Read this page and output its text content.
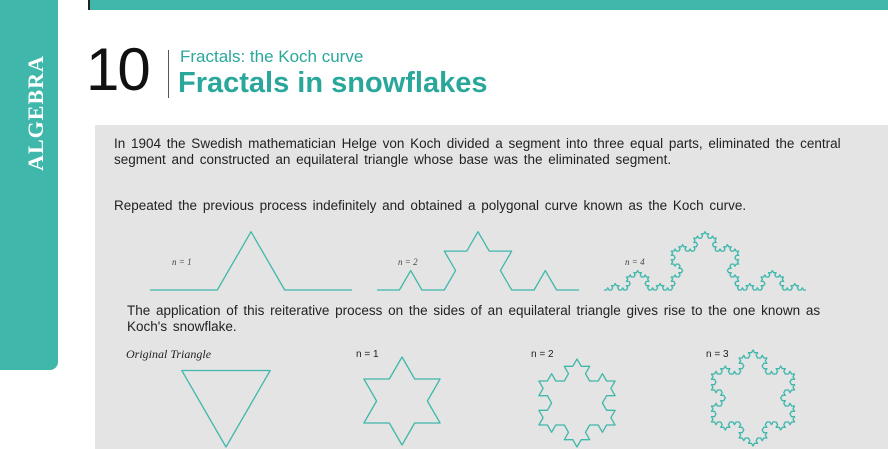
ALGEBRA 10 Fractals: the Koch curve
Fractals in snowflakes
In 1904 the Swedish mathematician Helge von Koch divided a segment into three equal parts, eliminated the central segment and constructed an equilateral triangle whose base was the eliminated segment.
Repeated the previous process indefinitely and obtained a polygonal curve known as the Koch curve.
n = 1	n = 2	n = 4
The application of this reiterative process on the sides of an equilateral triangle gives rise to the one known as Koch's snowflake.
Original Triangle	n = 1	n = 2	n = 3
